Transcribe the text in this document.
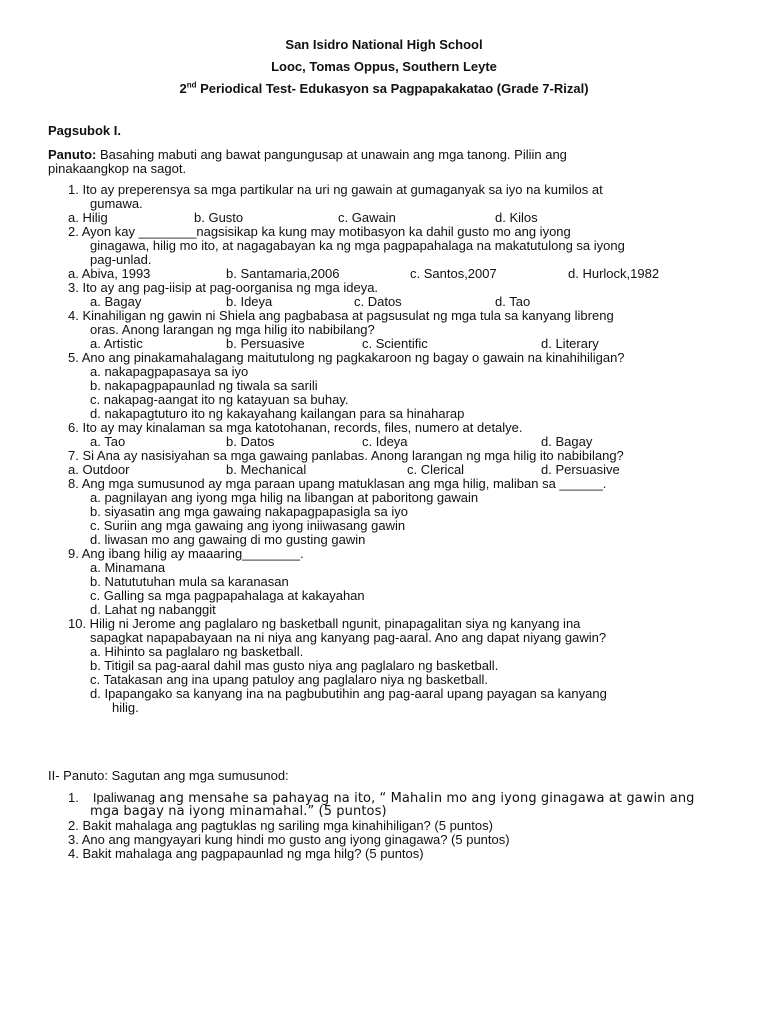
San Isidro National High School
Looc, Tomas Oppus, Southern Leyte
2nd Periodical Test- Edukasyon sa Pagpapakakatao (Grade 7-Rizal)
Pagsubok I.
Panuto: Basahing mabuti ang bawat pangungusap at unawain ang mga tanong. Piliin ang
pinakaangkop na sagot.
1. Ito ay preperensya sa mga partikular na uri ng gawain at gumaganyak sa iyo na kumilos at
gumawa.
a. Hilig	b. Gusto	c. Gawain	d. Kilos
2. Ayon kay ________nagsisikap ka kung may motibasyon ka dahil gusto mo ang iyong
ginagawa, hilig mo ito, at nagagabayan ka ng mga pagpapahalaga na makatutulong sa iyong
pag-unlad.
a. Abiva, 1993	b. Santamaria,2006	c. Santos,2007	d. Hurlock,1982
3. Ito ay ang pag-iisip at pag-oorganisa ng mga ideya.
a. Bagay	b. Ideya	c. Datos	d. Tao
4. Kinahiligan ng gawin ni Shiela ang pagbabasa at pagsusulat ng mga tula sa kanyang libreng
oras. Anong larangan ng mga hilig ito nabibilang?
a. Artistic	b. Persuasive	c. Scientific	d. Literary
5. Ano ang pinakamahalagang maitutulong ng pagkakaroon ng bagay o gawain na kinahihiligan?
a. nakapagpapasaya sa iyo
b. nakapagpapaunlad ng tiwala sa sarili
c. nakapag-aangat ito ng katayuan sa buhay.
d. nakapagtuturo ito ng kakayahang kailangan para sa hinaharap
6. Ito ay may kinalaman sa mga katotohanan, records, files, numero at detalye.
a. Tao	b. Datos	c. Ideya	d. Bagay
7. Si Ana ay nasisiyahan sa mga gawaing panlabas. Anong larangan ng mga hilig ito nabibilang?
a. Outdoor	b. Mechanical	c. Clerical	d. Persuasive
8. Ang mga sumusunod ay mga paraan upang matuklasan ang mga hilig, maliban sa ______.
a. pagnilayan ang iyong mga hilig na libangan at paboritong gawain
b. siyasatin ang mga gawaing nakapagpapasigla sa iyo
c. Suriin ang mga gawaing ang iyong iniiwasang gawin
d. liwasan mo ang gawaing di mo gusting gawin
9. Ang ibang hilig ay maaaring________.
a. Minamana
b. Natututuhan mula sa karanasan
c. Galling sa mga pagpapahalaga at kakayahan
d. Lahat ng nabanggit
10. Hilig ni Jerome ang paglalaro ng basketball ngunit, pinapagalitan siya ng kanyang ina
sapagkat napapabayaan na ni niya ang kanyang pag-aaral. Ano ang dapat niyang gawin?
a. Hihinto sa paglalaro ng basketball.
b. Titigil sa pag-aaral dahil mas gusto niya ang paglalaro ng basketball.
c. Tatakasan ang ina upang patuloy ang paglalaro niya ng basketball.
d. Ipapangako sa kanyang ina na pagbubutihin ang pag-aaral upang payagan sa kanyang
hilig.
II- Panuto: Sagutan ang mga sumusunod:
1. Ipaliwanag ang mensahe sa pahayag na ito, “ Mahalin mo ang iyong ginagawa at gawin ang
mga bagay na iyong minamahal.” (5 puntos)
2. Bakit mahalaga ang pagtuklas ng sariling mga kinahihiligan? (5 puntos)
3. Ano ang mangyayari kung hindi mo gusto ang iyong ginagawa? (5 puntos)
4. Bakit mahalaga ang pagpapaunlad ng mga hilg? (5 puntos)
